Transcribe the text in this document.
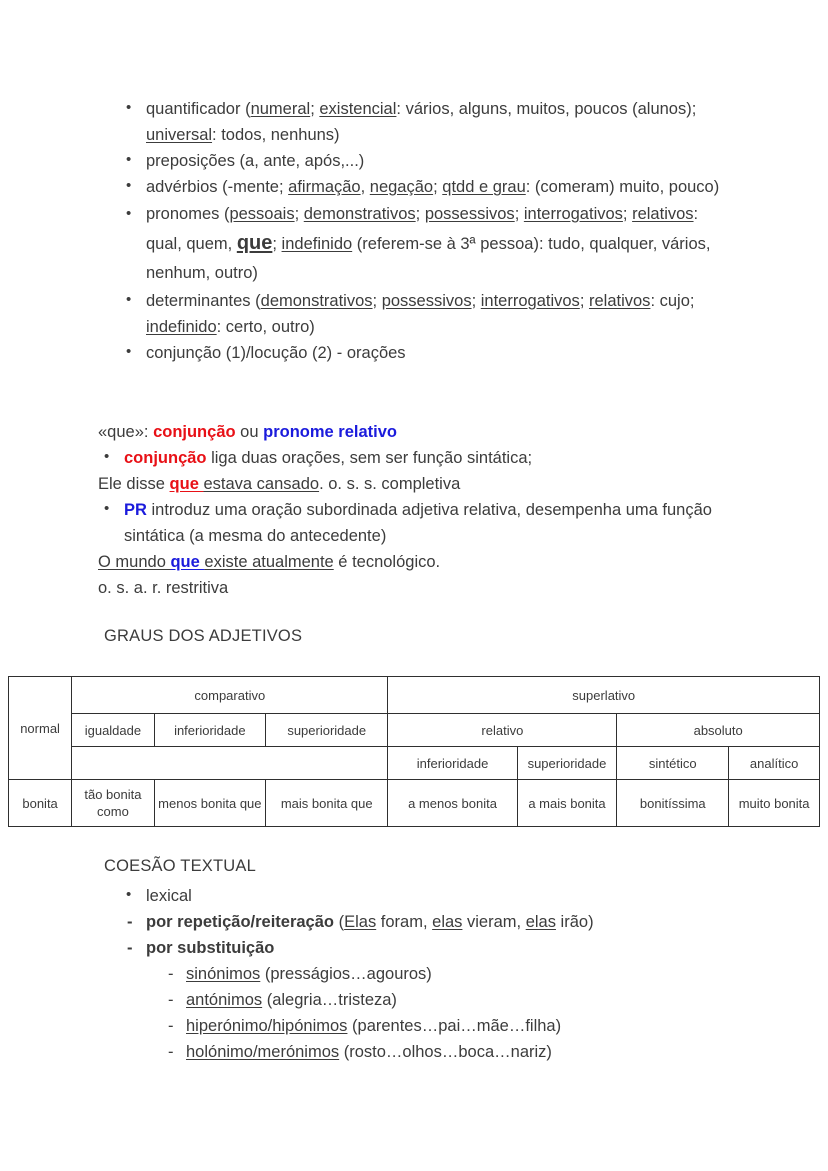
• quantificador (numeral; existencial: vários, alguns, muitos, poucos (alunos); universal: todos, nenhuns)
• preposições (a, ante, após,...)
• advérbios (-mente; afirmação, negação; qtdd e grau: (comeram) muito, pouco)
• pronomes (pessoais; demonstrativos; possessivos; interrogativos; relativos: qual, quem, que; indefinido (referem-se à 3ª pessoa): tudo, qualquer, vários, nenhum, outro)
• determinantes (demonstrativos; possessivos; interrogativos; relativos: cujo; indefinido: certo, outro)
• conjunção (1)/locução (2) - orações
«que»: conjunção ou pronome relativo
• conjunção liga duas orações, sem ser função sintática;
Ele disse que estava cansado. o. s. s. completiva
• PR introduz uma oração subordinada adjetiva relativa, desempenha uma função sintática (a mesma do antecedente)
O mundo que existe atualmente é tecnológico.
o. s. a. r. restritiva
GRAUS DOS ADJETIVOS
normal	comparativo			superlativo			
	igualdade	inferioridade	superioridade	relativo		absoluto	
				inferioridade	superioridade	sintético	analítico
bonita	tão bonita como	menos bonita que	mais bonita que	a menos bonita	a mais bonita	bonitíssima	muito bonita
COESÃO TEXTUAL
• lexical
- por repetição/reiteração (Elas foram, elas vieram, elas irão)
- por substituição
- sinónimos (presságios…agouros)
- antónimos (alegria…tristeza)
- hiperónimo/hipónimos (parentes…pai…mãe…filha)
- holónimo/merónimos (rosto…olhos…boca…nariz)
